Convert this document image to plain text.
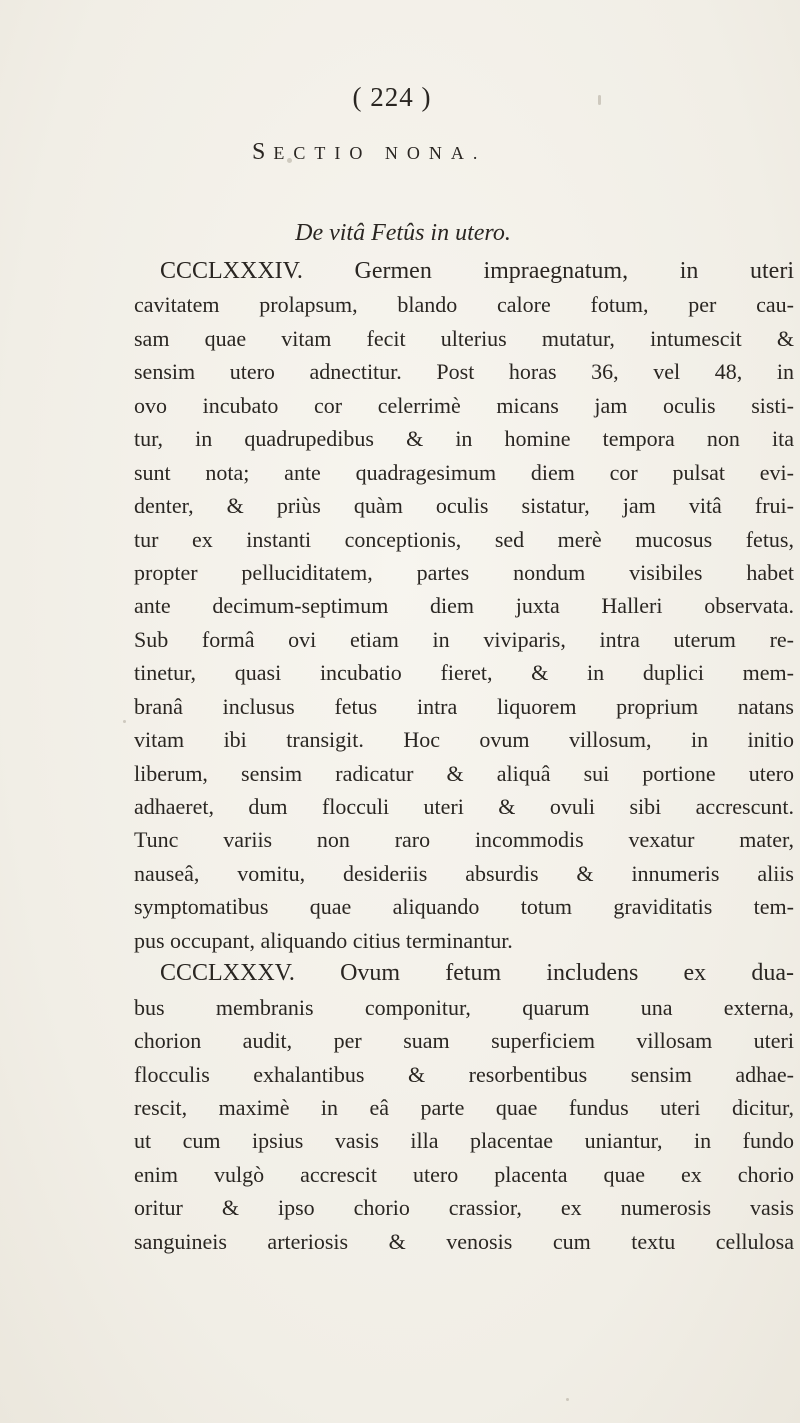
( 224 )
SECTIO NONA.
De vitâ Fetûs in utero.
CCCLXXXIV. Germen impraegnatum, in uteri
cavitatem prolapsum, blando calore fotum, per cau-
sam quae vitam fecit ulterius mutatur, intumescit &
sensim utero adnectitur. Post horas 36, vel 48, in
ovo incubato cor celerrimè micans jam oculis sisti-
tur, in quadrupedibus & in homine tempora non ita
sunt nota; ante quadragesimum diem cor pulsat evi-
denter, & priùs quàm oculis sistatur, jam vitâ frui-
tur ex instanti conceptionis, sed merè mucosus fetus,
propter pelluciditatem, partes nondum visibiles habet
ante decimum-septimum diem juxta Halleri observata.
Sub formâ ovi etiam in viviparis, intra uterum re-
tinetur, quasi incubatio fieret, & in duplici mem-
branâ inclusus fetus intra liquorem proprium natans
vitam ibi transigit. Hoc ovum villosum, in initio
liberum, sensim radicatur & aliquâ sui portione utero
adhaeret, dum flocculi uteri & ovuli sibi accrescunt.
Tunc variis non raro incommodis vexatur mater,
nauseâ, vomitu, desideriis absurdis & innumeris aliis
symptomatibus quae aliquando totum graviditatis tem-
pus occupant, aliquando citius terminantur.
CCCLXXXV. Ovum fetum includens ex dua-
bus membranis componitur, quarum una externa,
chorion audit, per suam superficiem villosam uteri
flocculis exhalantibus & resorbentibus sensim adhae-
rescit, maximè in eâ parte quae fundus uteri dicitur,
ut cum ipsius vasis illa placentae uniantur, in fundo
enim vulgò accrescit utero placenta quae ex chorio
oritur & ipso chorio crassior, ex numerosis vasis
sanguineis arteriosis & venosis cum textu cellulosa
